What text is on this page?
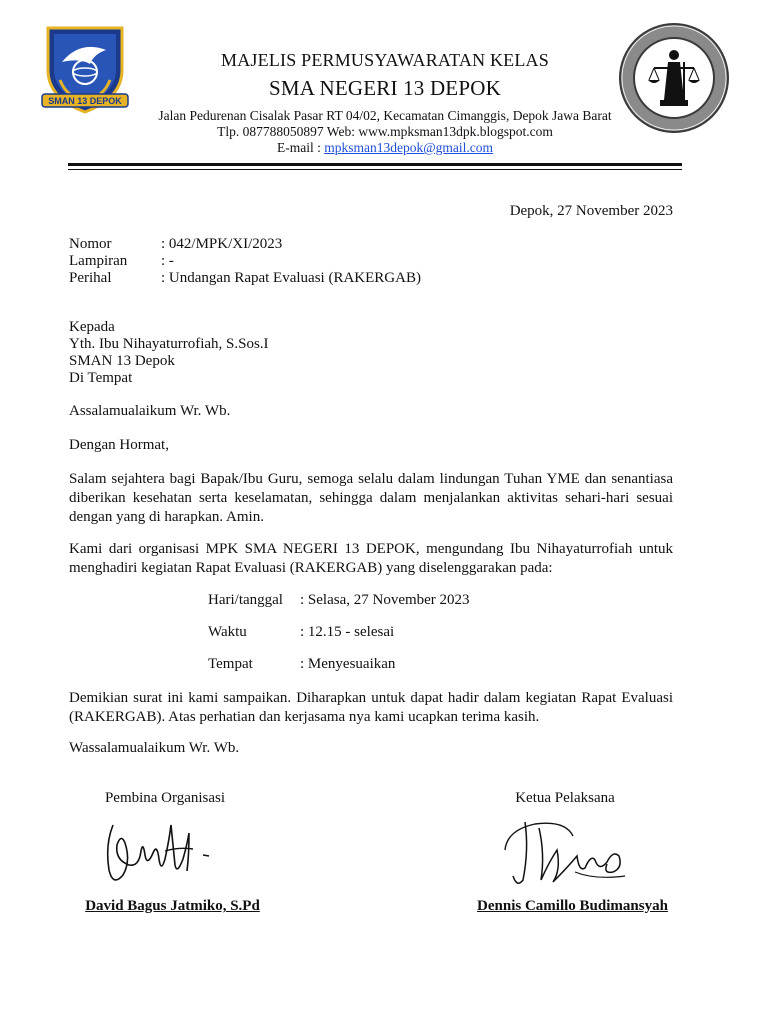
SMAN 13 DEPOK
MAJELIS PERMUSYAWARATAN KELAS
SMA NEGERI 13 DEPOK
Jalan Pedurenan Cisalak Pasar RT 04/02, Kecamatan Cimanggis, Depok Jawa Barat
Tlp. 087788050897 Web: www.mpksman13dpk.blogspot.com
E-mail : mpksman13depok@gmail.com
Depok, 27 November 2023
Nomor	: 042/MPK/XI/2023
Lampiran : -
Perihal	: Undangan Rapat Evaluasi (RAKERGAB)
Kepada
Yth. Ibu Nihayaturrofiah, S.Sos.I
SMAN 13 Depok
Di Tempat
Assalamualaikum Wr. Wb.
Dengan Hormat,
Salam sejahtera bagi Bapak/Ibu Guru, semoga selalu dalam lindungan Tuhan YME dan senantiasa diberikan kesehatan serta keselamatan, sehingga dalam menjalankan aktivitas sehari-hari sesuai dengan yang di harapkan. Amin.
Kami dari organisasi MPK SMA NEGERI 13 DEPOK, mengundang Ibu Nihayaturrofiah untuk menghadiri kegiatan Rapat Evaluasi (RAKERGAB) yang diselenggarakan pada:
Hari/tanggal : Selasa, 27 November 2023
Waktu	: 12.15 - selesai
Tempat	: Menyesuaikan
Demikian surat ini kami sampaikan. Diharapkan untuk dapat hadir dalam kegiatan Rapat Evaluasi (RAKERGAB). Atas perhatian dan kerjasama nya kami ucapkan terima kasih.
Wassalamualaikum Wr. Wb.
Pembina Organisasi
David Bagus Jatmiko, S.Pd
Ketua Pelaksana
Dennis Camillo Budimansyah
